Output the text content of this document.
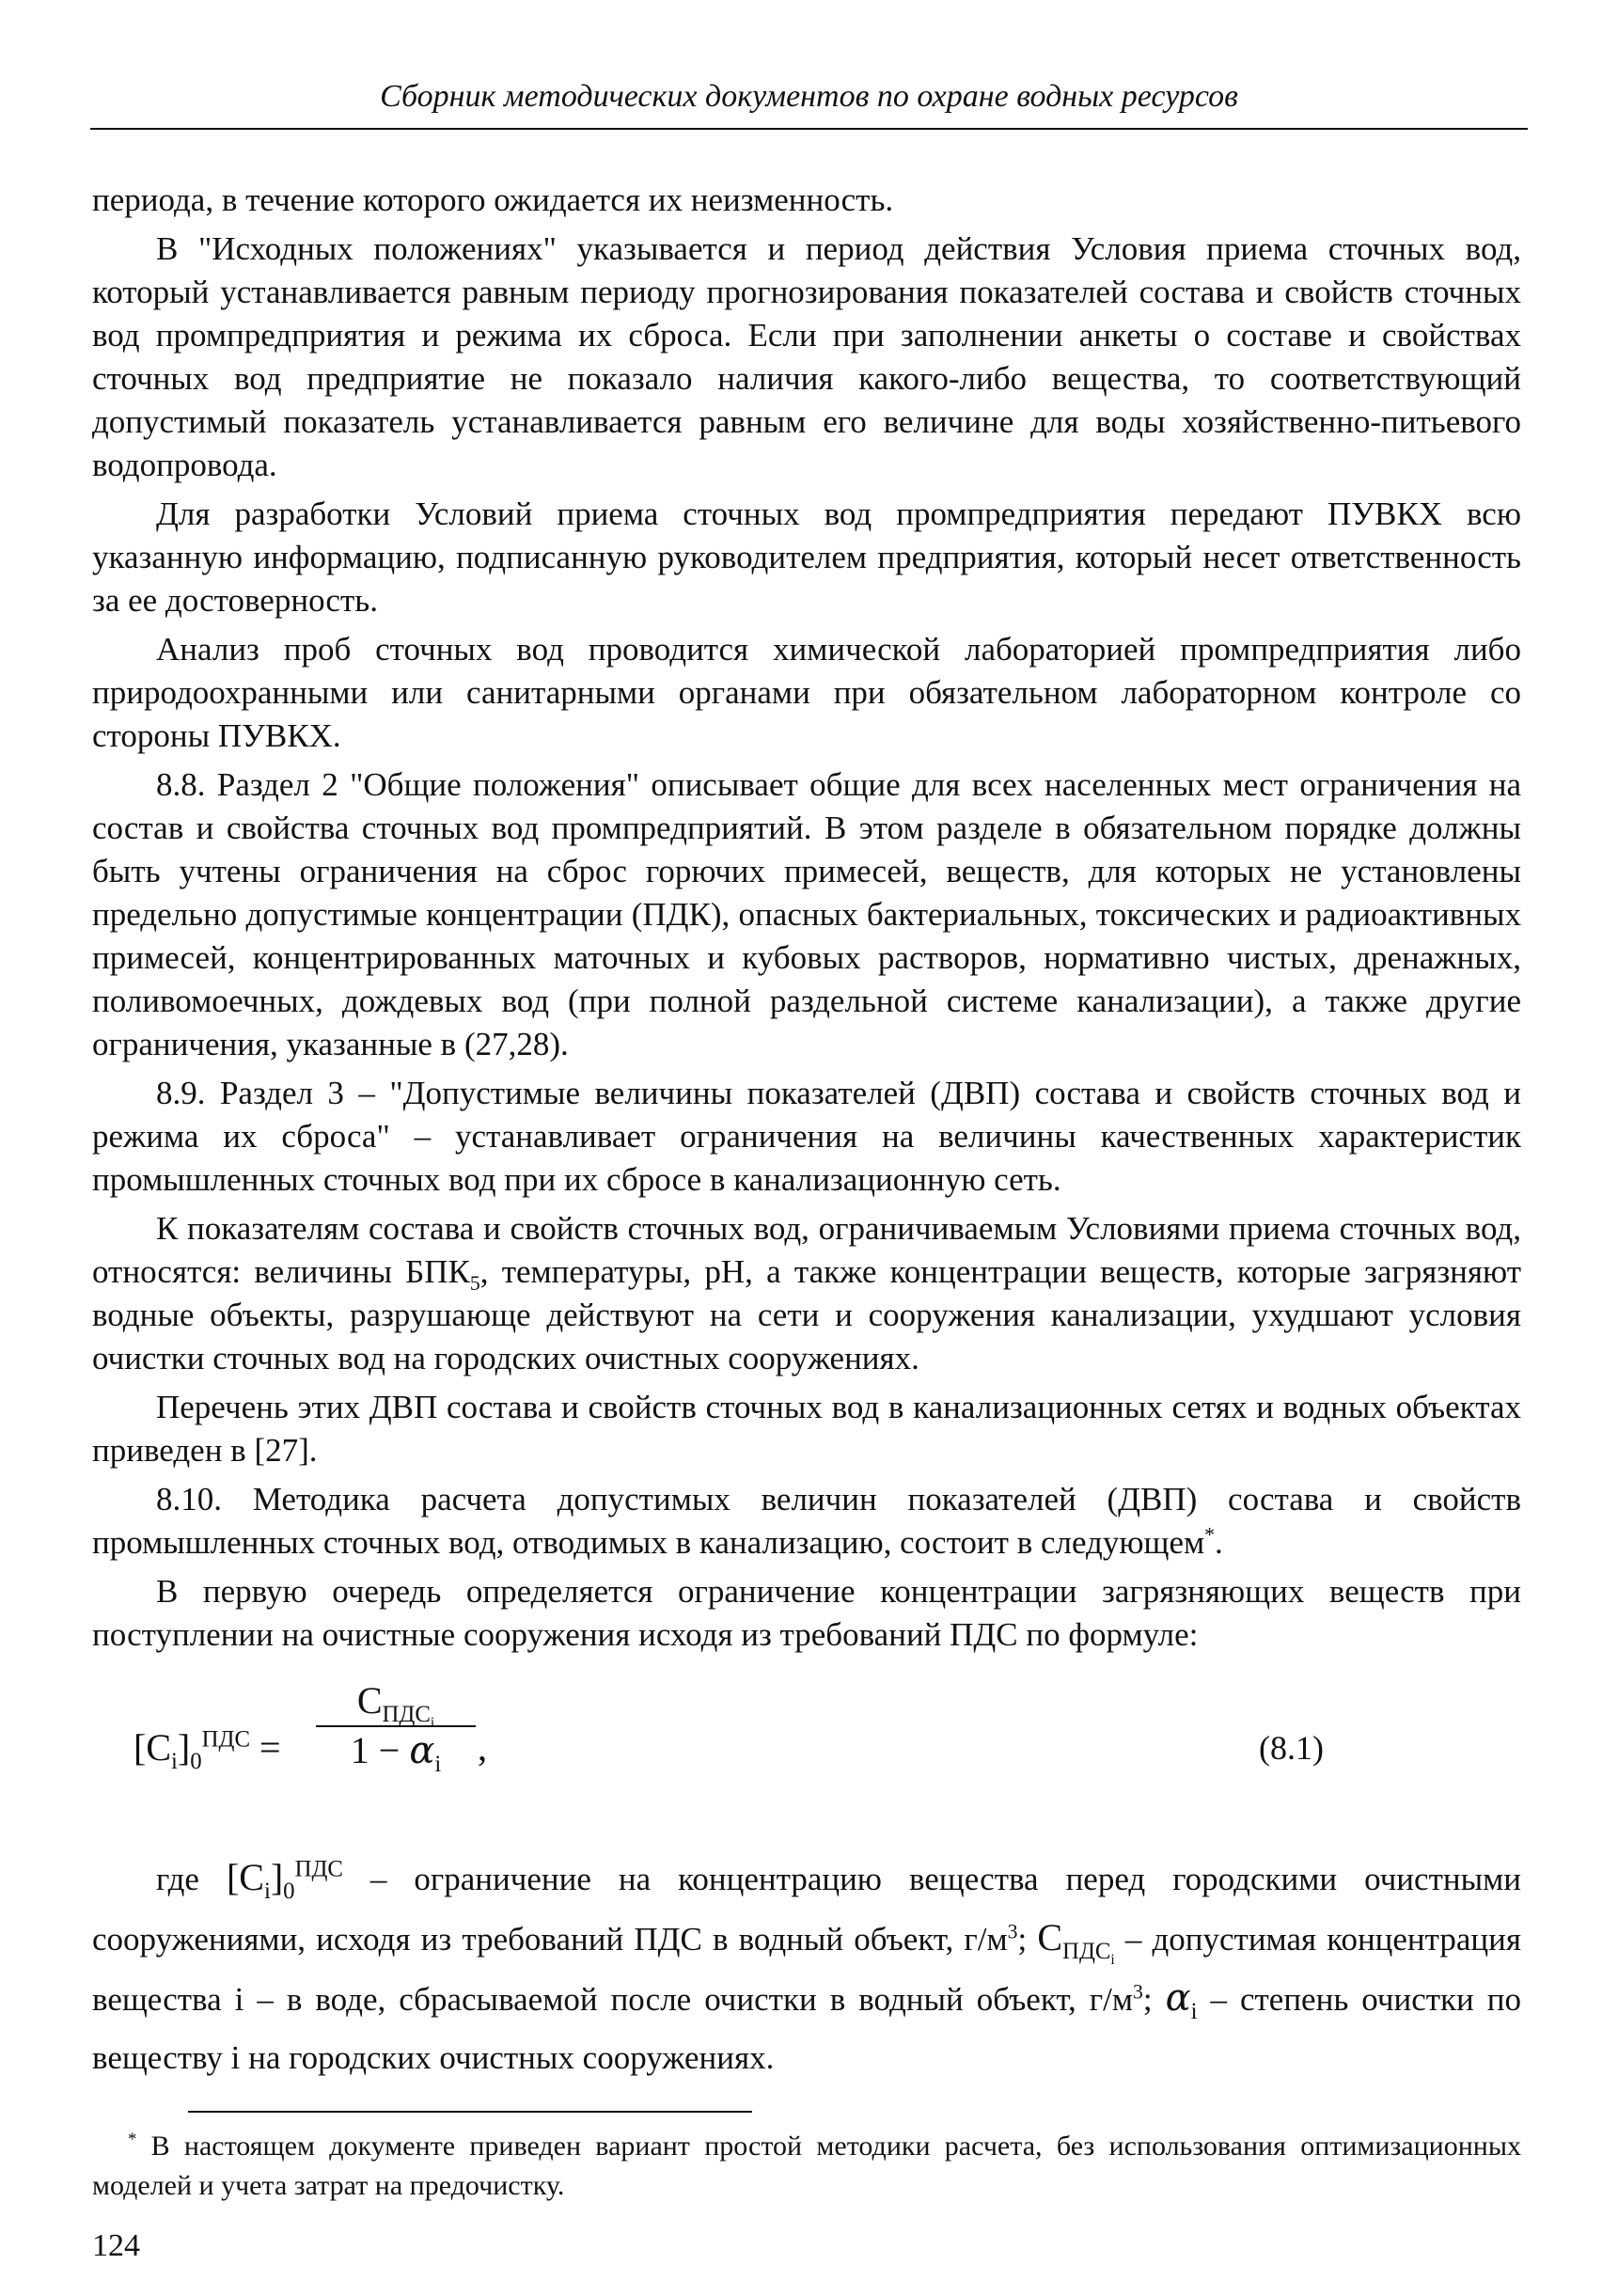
Сборник методических документов по охране водных ресурсов

периода, в течение которого ожидается их неизменность.

В "Исходных положениях" указывается и период действия Условия приема сточных вод, который устанавливается равным периоду прогнозирования показателей состава и свойств сточных вод промпредприятия и режима их сброса. Если при заполнении анкеты о составе и свойствах сточных вод предприятие не показало наличия какого-либо вещества, то соответствующий допустимый показатель устанавливается равным его величине для воды хозяйственно-питьевого водопровода.

Для разработки Условий приема сточных вод промпредприятия передают ПУВКХ всю указанную информацию, подписанную руководителем предприятия, который несет ответственность за ее достоверность.

Анализ проб сточных вод проводится химической лабораторией промпредприятия либо природоохранными или санитарными органами при обязательном лабораторном контроле со стороны ПУВКХ.

8.8. Раздел 2 "Общие положения" описывает общие для всех населенных мест ограничения на состав и свойства сточных вод промпредприятий. В этом разделе в обязательном порядке должны быть учтены ограничения на сброс горючих примесей, веществ, для которых не установлены предельно допустимые концентрации (ПДК), опасных бактериальных, токсических и радиоактивных примесей, концентрированных маточных и кубовых растворов, нормативно чистых, дренажных, поливомоечных, дождевых вод (при полной раздельной системе канализации), а также другие ограничения, указанные в (27,28).

8.9. Раздел 3 – "Допустимые величины показателей (ДВП) состава и свойств сточных вод и режима их сброса" – устанавливает ограничения на величины качественных характеристик промышленных сточных вод при их сбросе в канализационную сеть.

К показателям состава и свойств сточных вод, ограничиваемым Условиями приема сточных вод, относятся: величины $БПК_5$, температуры, pH, а также концентрации веществ, которые загрязняют водные объекты, разрушающе действуют на сети и сооружения канализации, ухудшают условия очистки сточных вод на городских очистных сооружениях.

Перечень этих ДВП состава и свойств сточных вод в канализационных сетях и водных объектах приведен в [27].

8.10. Методика расчета допустимых величин показателей (ДВП) состава и свойств промышленных сточных вод, отводимых в канализацию, состоит в следующем*.

В первую очередь определяется ограничение концентрации загрязняющих веществ при поступлении на очистные сооружения исходя из требований ПДС по формуле:

$[C_i]_0^{ПДС}$ =
$C_{ПДС_i}$
$1 - \alpha_i$ ,	(8.1)

где $[C_i]_0^{ПДС}$ – ограничение на концентрацию вещества перед городскими очистными сооружениями, исходя из требований ПДС в водный объект, $г/м^3$; $C_{ПДС_i}$ – допустимая концентрация вещества i – в воде, сбрасываемой после очистки в водный объект, $г/м^3$; $\alpha_i$ – степень очистки по веществу i на городских очистных сооружениях.

* В настоящем документе приведен вариант простой методики расчета, без использования оптимизационных моделей и учета затрат на предочистку.
124
